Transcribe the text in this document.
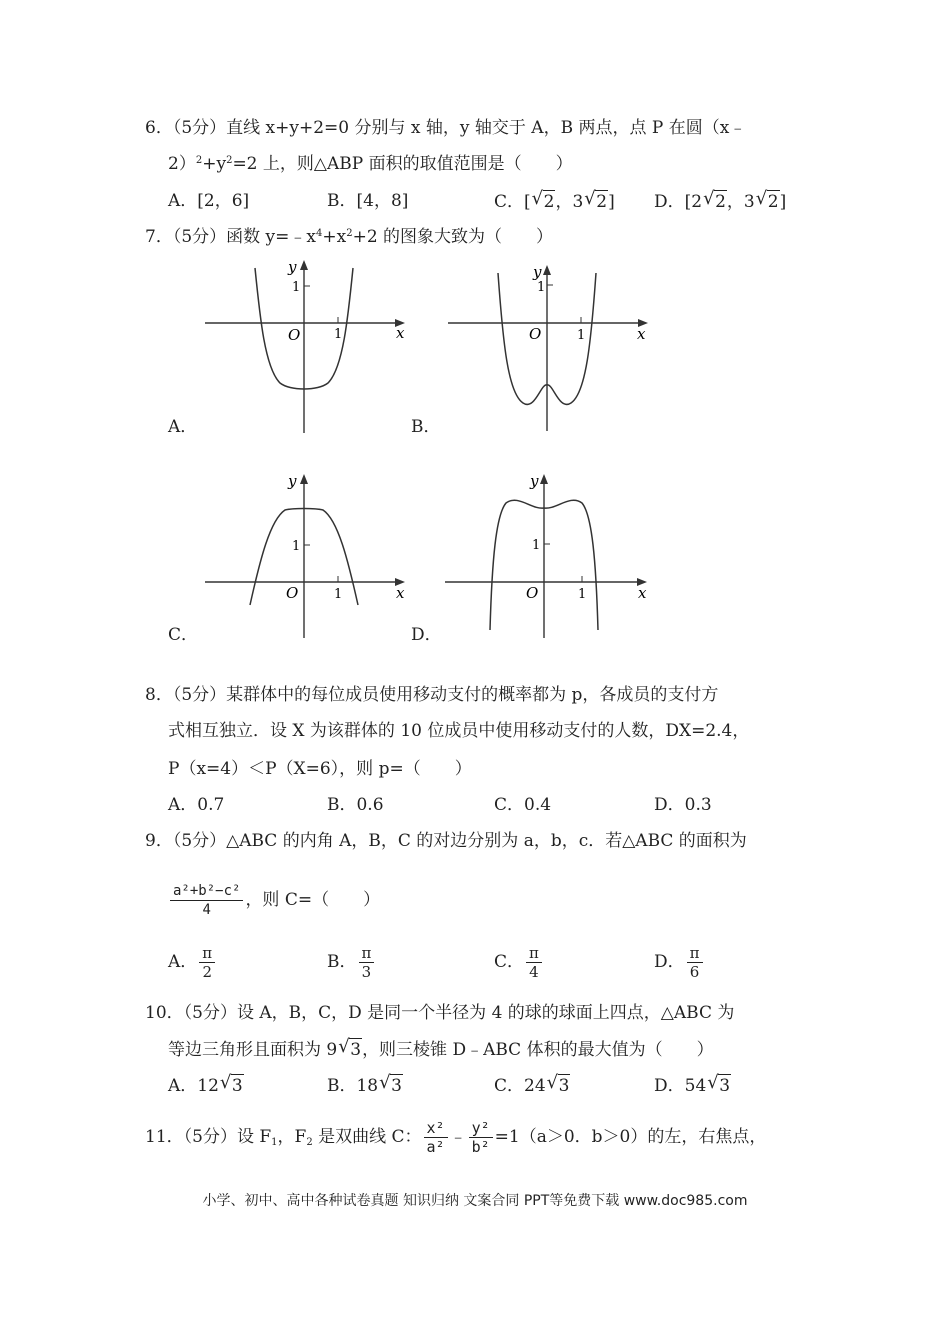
6．（5分）直线 x+y+2=0 分别与 x 轴，y 轴交于 A，B 两点，点 P 在圆（x﹣
$2)^2+y^2=2$ 上，则△ABP 面积的取值范围是（　　）
A．[2，6]	B．[4，8]	C．[ √ 2，3 √ 2] D．[2 √ 2，3 √ 2]
7．（5分）函数 $y=﹣x^4+x^2+2$ 的图象大致为（　　）
y
x
O
1
1
A．
y
x
O
1
1
B．
y
x
O
1
1
C．
y
x
O
1
1
D．
8．（5分）某群体中的每位成员使用移动支付的概率都为 p，各成员的支付方
式相互独立．设 X 为该群体的 10 位成员中使用移动支付的人数，DX=2.4，
P（x=4）＜P（X=6），则 p=（　　）
A．0.7	B．0.6	C．0.4	D．0.3
9．（5分）△ABC 的内角 A，B，C 的对边分别为 a，b，c．若△ABC 的面积为
$\frac{\text{a²+b²−c²}}{4}$ ，则 C=（　　）
A． $\frac{\pi}{2}$	B． $\frac{\pi}{3}$	C． $\frac{\pi}{4}$	D． $\frac{\pi}{6}$
10．（5分）设 A，B，C，D 是同一个半径为 4 的球的球面上四点，△ABC 为
等边三角形且面积为 9 √ 3，则三棱锥 D﹣ABC 体积的最大值为（　　）
A．12 √ 3	B．18 √ 3	C．24 √ 3	D．54 √ 3
11．（5分）设 $F_1$，$F_2$ 是双曲线 C： $\frac{\text{x²}}{\text{a²}}$ ﹣ $\frac{\text{y²}}{\text{b²}} =1(a>0$．b＞0）的左，右焦点，
小学、初中、高中各种试卷真题 知识归纳 文案合同 PPT等免费下载 www.doc985.com
